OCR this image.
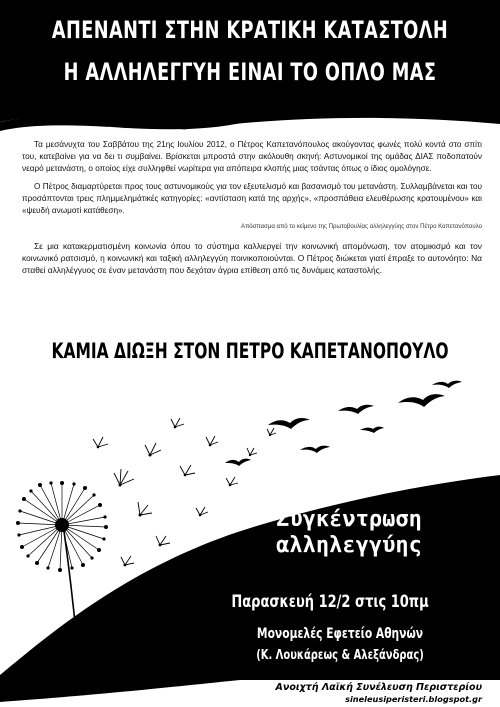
ΑΠΕΝΑΝΤΙ ΣΤΗΝ ΚΡΑΤΙΚΗ ΚΑΤΑΣΤΟΛΗ
Η ΑΛΛΗΛΕΓΓΥΗ ΕΙΝΑΙ ΤΟ ΟΠΛΟ ΜΑΣ

Τα μεσάνυχτα του Σαββάτου της 21ης Ιουλίου 2012, ο Πέτρος Καπετανόπουλος ακούγοντας φωνές πολύ κοντά στο σπίτι του, κατεβαίνει για να δει τι συμβαίνει. Βρίσκεται μπροστά στην ακόλουθη σκηνή: Αστυνομικοί της ομάδας ΔΙΑΣ ποδοπατούν νεαρό μετανάστη, ο οποίος είχε συλληφθεί νωρίτερα για απόπειρα κλοπής μιας τσάντας όπως ο ίδιος ομολόγησε.

Ο Πέτρος διαμαρτύρεται προς τους αστυνομικούς για τον εξευτελισμό και βασανισμό του μετανάστη. Συλλαμβάνεται και του προσάπτονται τρεις πλημμελημάτικές κατηγορίες: «αντίσταση κατά της αρχής», «προσπάθεια ελευθέρωσης κρατουμένου» και «ψευδή ανωμοτί κατάθεση».

Απόσπασμα από το κείμενο της Πρωτοβουλίας αλληλεγγύης στον Πέτρο Καπετανόπουλο

Σε μια κατακερματισμένη κοινωνία όπου το σύστημα καλλιεργεί την κοινωνική απομόνωση, τον ατομικισμό και τον κοινωνικό ρατσισμό, η κοινωνική και ταξική αλληλεγγύη ποινικοποιούνται. Ο Πέτρος διώκεται γιατί έπραξε το αυτονόητο: Να σταθεί αλληλέγγυος σε έναν μετανάστη που δεχόταν άγρια επίθεση από τις δυνάμεις καταστολής.

ΚΑΜΙΑ ΔΙΩΞΗ ΣΤΟΝ ΠΕΤΡΟ ΚΑΠΕΤΑΝΟΠΟΥΛΟ
Συγκέντρωση
αλληλεγγύης
Παρασκευή 12/2 στις 10πμ
Μονομελές Εφετείο Αθηνών
(Κ. Λουκάρεως & Αλεξάνδρας)
Ανοιχτή Λαϊκή Συνέλευση Περιστερίου
sineleusiperisteri.blogspot.gr
